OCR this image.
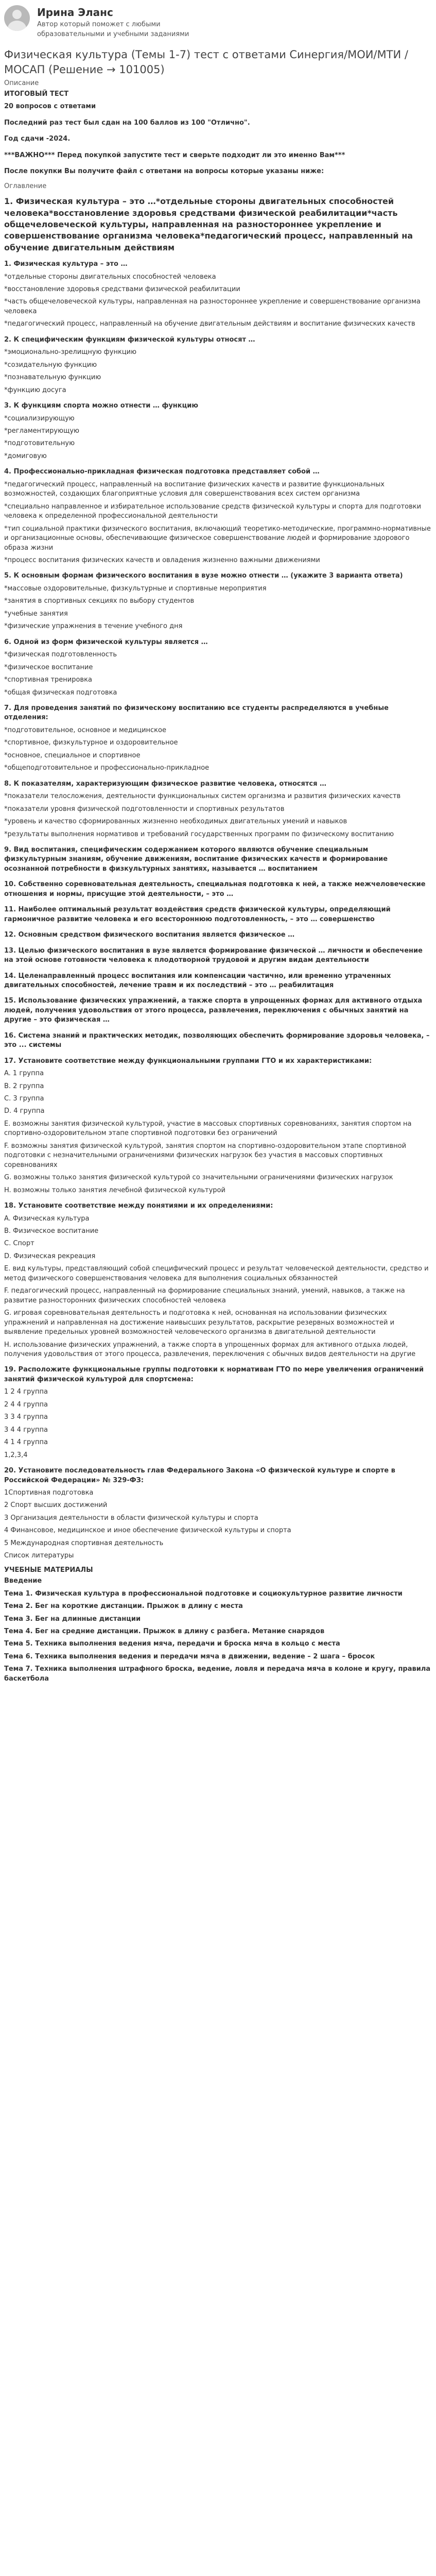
Ирина Эланс

Автор который поможет с любыми образовательными и учебными заданиями

Физическая культура (Темы 1-7) тест с ответами Синергия/МОИ/МТИ /МОСАП (Решение → 101005)
Описание

ИТОГОВЫЙ ТЕСТ

20 вопросов с ответами

Последний раз тест был сдан на 100 баллов из 100 "Отлично".

Год сдачи -2024.

***ВАЖНО*** Перед покупкой запустите тест и сверьте подходит ли это именно Вам***

После покупки Вы получите файл с ответами на вопросы которые указаны ниже:

Оглавление
1. Физическая культура – это …*отдельные стороны двигательных способностей человека*восстановление здоровья средствами физической реабилитации*часть общечеловеческой культуры, направленная на разностороннее укрепление и совершенствование организма человека*педагогический процесс, направленный на обучение двигательным действиям
1. Физическая культура – это …

*отдельные стороны двигательных способностей человека

*восстановление здоровья средствами физической реабилитации

*часть общечеловеческой культуры, направленная на разностороннее укрепление и совершенствование организма человека

*педагогический процесс, направленный на обучение двигательным действиям и воспитание физических качеств

2. К специфическим функциям физической культуры относят …

*эмоционально-зрелищную функцию

*созидательную функцию

*познавательную функцию

*функцию досуга

3. К функциям спорта можно отнести … функцию

*социализирующую

*регламентирующую

*подготовительную

*домиговую

4. Профессионально-прикладная физическая подготовка представляет собой …

*педагогический процесс, направленный на воспитание физических качеств и развитие функциональных возможностей, создающих благоприятные условия для совершенствования всех систем организма

*специально направленное и избирательное использование средств физической культуры и спорта для подготовки человека к определенной профессиональной деятельности

*тип социальной практики физического воспитания, включающий теоретико-методические, программно-нормативные и организационные основы, обеспечивающие физическое совершенствование людей и формирование здорового образа жизни

*процесс воспитания физических качеств и овладения жизненно важными движениями

5. К основным формам физического воспитания в вузе можно отнести … (укажите 3 варианта ответа)

*массовые оздоровительные, физкультурные и спортивные мероприятия

*занятия в спортивных секциях по выбору студентов

*учебные занятия

*физические упражнения в течение учебного дня

6. Одной из форм физической культуры является …

*физическая подготовленность

*физическое воспитание

*спортивная тренировка

*общая физическая подготовка

7. Для проведения занятий по физическому воспитанию все студенты распределяются в учебные отделения:

*подготовительное, основное и медицинское

*спортивное, физкультурное и оздоровительное

*основное, специальное и спортивное

*общеподготовительное и профессионально-прикладное

8. К показателям, характеризующим физическое развитие человека, относятся …

*показатели телосложения, деятельности функциональных систем организма и развития физических качеств

*показатели уровня физической подготовленности и спортивных результатов

*уровень и качество сформированных жизненно необходимых двигательных умений и навыков

*результаты выполнения нормативов и требований государственных программ по физическому воспитанию

9. Вид воспитания, специфическим содержанием которого являются обучение специальным физкультурным знаниям, обучение движениям, воспитание физических качеств и формирование осознанной потребности в физкультурных занятиях, называется … воспитанием
10. Собственно соревновательная деятельность, специальная подготовка к ней, а также межчеловеческие отношения и нормы, присущие этой деятельности, – это …
11. Наиболее оптимальный результат воздействия средств физической культуры, определяющий гармоничное развитие человека и его всестороннюю подготовленность, – это … совершенство
12. Основным средством физического воспитания является физическое …
13. Целью физического воспитания в вузе является формирование физической … личности и обеспечение на этой основе готовности человека к плодотворной трудовой и другим видам деятельности
14. Целенаправленный процесс воспитания или компенсации частично, или временно утраченных двигательных способностей, лечение травм и их последствий – это … реабилитация
15. Использование физических упражнений, а также спорта в упрощенных формах для активного отдыха людей, получения удовольствия от этого процесса, развлечения, переключения с обычных занятий на другие – это физическая …
16. Система знаний и практических методик, позволяющих обеспечить формирование здоровья человека, – это ... системы
17. Установите соответствие между функциональными группами ГТО и их характеристиками:

A. 1 группа

B. 2 группа

C. 3 группа

D. 4 группа

E. возможны занятия физической культурой, участие в массовых спортивных соревнованиях, занятия спортом на спортивно-оздоровительном этапе спортивной подготовки без ограничений

F. возможны занятия физической культурой, занятия спортом на спортивно-оздоровительном этапе спортивной подготовки с незначительными ограничениями физических нагрузок без участия в массовых спортивных соревнованиях

G. возможны только занятия физической культурой со значительными ограничениями физических нагрузок

H. возможны только занятия лечебной физической культурой

18. Установите соответствие между понятиями и их определениями:

A. Физическая культура

B. Физическое воспитание

C. Спорт

D. Физическая рекреация

E. вид культуры, представляющий собой специфический процесс и результат человеческой деятельности, средство и метод физического совершенствования человека для выполнения социальных обязанностей

F. педагогический процесс, направленный на формирование специальных знаний, умений, навыков, а также на развитие разносторонних физических способностей человека

G. игровая соревновательная деятельность и подготовка к ней, основанная на использовании физических упражнений и направленная на достижение наивысших результатов, раскрытие резервных возможностей и выявление предельных уровней возможностей человеческого организма в двигательной деятельности

H. использование физических упражнений, а также спорта в упрощенных формах для активного отдыха людей, получения удовольствия от этого процесса, развлечения, переключения с обычных видов деятельности на другие

19. Расположите функциональные группы подготовки к нормативам ГТО по мере увеличения ограничений занятий физической культурой для спортсмена:

1 2 4 группа

2 4 4 группа

3 3 4 группа

3 4 4 группа

4 1 4 группа

1,2,3,4

20. Установите последовательность глав Федерального Закона «О физической культуре и спорте в Российской Федерации» № 329-ФЗ:

1Спортивная подготовка

2 Спорт высших достижений

3 Организация деятельности в области физической культуры и спорта

4 Финансовое, медицинское и иное обеспечение физической культуры и спорта

5 Международная спортивная деятельность

Список литературы

УЧЕБНЫЕ МАТЕРИАЛЫ
Введение
Тема 1. Физическая культура в профессиональной подготовке и социокультурное развитие личности
Тема 2. Бег на короткие дистанции. Прыжок в длину с места
Тема 3. Бег на длинные дистанции
Тема 4. Бег на средние дистанции. Прыжок в длину с разбега. Метание снарядов
Тема 5. Техника выполнения ведения мяча, передачи и броска мяча в кольцо с места
Тема 6. Техника выполнения ведения и передачи мяча в движении, ведение – 2 шага – бросок
Тема 7. Техника выполнения штрафного броска, ведение, ловля и передача мяча в колоне и кругу, правила баскетбола
